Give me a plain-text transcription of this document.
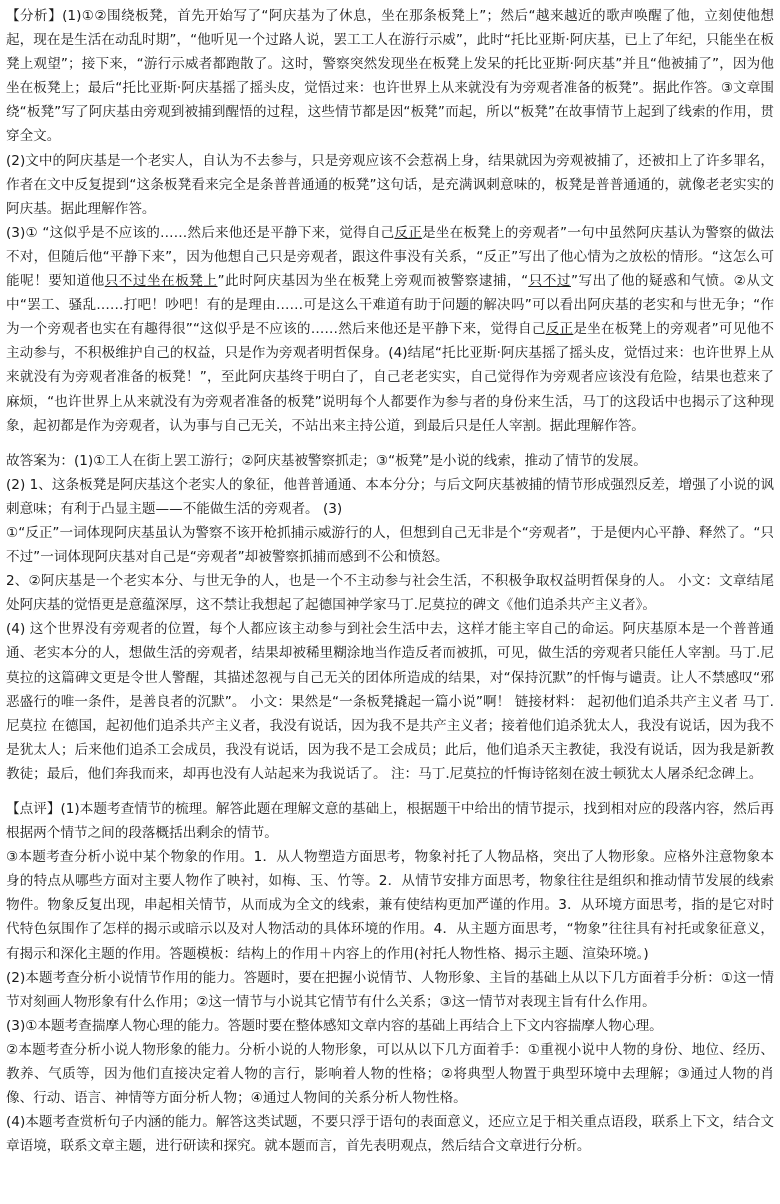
【分析】(1)①②围绕板凳，首先开始写了“阿庆基为了休息，坐在那条板凳上”；然后“越来越近的歌声唤醒了他，立刻使他想起，现在是生活在动乱时期”，“他听见一个过路人说，罢工工人在游行示威”，此时“托比亚斯·阿庆基，已上了年纪，只能坐在板凳上观望”；接下来，“游行示威者都跑散了。这时，警察突然发现坐在板凳上发呆的托比亚斯·阿庆基”并且“他被捕了”，因为他坐在板凳上；最后“托比亚斯·阿庆基摇了摇头皮，觉悟过来：也许世界上从来就没有为旁观者准备的板凳”。据此作答。③文章围绕“板凳”写了阿庆基由旁观到被捕到醒悟的过程，这些情节都是因“板凳”而起，所以“板凳”在故事情节上起到了线索的作用，贯穿全文。

(2)文中的阿庆基是一个老实人，自认为不去参与，只是旁观应该不会惹祸上身，结果就因为旁观被捕了，还被扣上了许多罪名，作者在文中反复提到“这条板凳看来完全是条普普通通的板凳”这句话，是充满讽刺意味的，板凳是普普通通的，就像老老实实的阿庆基。据此理解作答。

(3)① “这似乎是不应该的……然后来他还是平静下来，觉得自己反正是坐在板凳上的旁观者”一句中虽然阿庆基认为警察的做法不对，但随后他“平静下来”，因为他想自己只是旁观者，跟这件事没有关系，“反正”写出了他心情为之放松的情形。“这怎么可能呢！要知道他只不过坐在板凳上”此时阿庆基因为坐在板凳上旁观而被警察逮捕，“只不过”写出了他的疑惑和气愤。②从文中“罢工、骚乱……打吧！吵吧！有的是理由……可是这么干难道有助于问题的解决吗”可以看出阿庆基的老实和与世无争；“作为一个旁观者也实在有趣得很”“这似乎是不应该的……然后来他还是平静下来，觉得自己反正是坐在板凳上的旁观者”可见他不主动参与，不积极维护自己的权益，只是作为旁观者明哲保身。(4)结尾“托比亚斯·阿庆基摇了摇头皮，觉悟过来：也许世界上从来就没有为旁观者准备的板凳！”，至此阿庆基终于明白了，自己老老实实，自己觉得作为旁观者应该没有危险，结果也惹来了麻烦，“也许世界上从来就没有为旁观者准备的板凳”说明每个人都要作为参与者的身份来生活，马丁的这段话中也揭示了这种现象，起初都是作为旁观者，认为事与自己无关，不站出来主持公道，到最后只是任人宰割。据此理解作答。

故答案为：(1)①工人在街上罢工游行；②阿庆基被警察抓走；③“板凳”是小说的线索，推动了情节的发展。

(2) 1、这条板凳是阿庆基这个老实人的象征，他普普通通、本本分分；与后文阿庆基被捕的情节形成强烈反差，增强了小说的讽刺意味；有利于凸显主题——不能做生活的旁观者。 (3)

①“反正”一词体现阿庆基虽认为警察不该开枪抓捕示威游行的人，但想到自己无非是个“旁观者”，于是便内心平静、释然了。“只不过”一词体现阿庆基对自己是“旁观者”却被警察抓捕而感到不公和愤怒。

2、②阿庆基是一个老实本分、与世无争的人，也是一个不主动参与社会生活，不积极争取权益明哲保身的人。 小文：文章结尾处阿庆基的觉悟更是意蕴深厚，这不禁让我想起了起德国神学家马丁.尼莫拉的碑文《他们追杀共产主义者》。

(4) 这个世界没有旁观者的位置，每个人都应该主动参与到社会生活中去，这样才能主宰自己的命运。阿庆基原本是一个普普通通、老实本分的人，想做生活的旁观者，结果却被稀里糊涂地当作造反者而被抓，可见，做生活的旁观者只能任人宰割。马丁.尼莫拉的这篇碑文更是令世人警醒，其描述忽视与自己无关的团体所造成的结果，对“保持沉默”的忏悔与谴责。让人不禁感叹“邪恶盛行的唯一条件，是善良者的沉默”。 小文：果然是“一条板凳撬起一篇小说”啊！ 链接材料： 起初他们追杀共产主义者 马丁.尼莫拉 在德国，起初他们追杀共产主义者，我没有说话，因为我不是共产主义者；接着他们追杀犹太人，我没有说话，因为我不是犹太人；后来他们追杀工会成员，我没有说话，因为我不是工会成员；此后，他们追杀天主教徒，我没有说话，因为我是新教教徒；最后，他们奔我而来，却再也没有人站起来为我说话了。 注：马丁.尼莫拉的忏悔诗铭刻在波士顿犹太人屠杀纪念碑上。

【点评】(1)本题考查情节的梳理。解答此题在理解文意的基础上，根据题干中给出的情节提示，找到相对应的段落内容，然后再根据两个情节之间的段落概括出剩余的情节。

③本题考查分析小说中某个物象的作用。1．从人物塑造方面思考，物象衬托了人物品格，突出了人物形象。应格外注意物象本身的特点从哪些方面对主要人物作了映衬，如梅、玉、竹等。2．从情节安排方面思考，物象往往是组织和推动情节发展的线索物件。物象反复出现，串起相关情节，从而成为全文的线索，兼有使结构更加严谨的作用。3．从环境方面思考，指的是它对时代特色氛围作了怎样的揭示或暗示以及对人物活动的具体环境的作用。4．从主题方面思考，“物象”往往具有衬托或象征意义，有揭示和深化主题的作用。答题模板：结构上的作用＋内容上的作用(衬托人物性格、揭示主题、渲染环境。)

(2)本题考查分析小说情节作用的能力。答题时，要在把握小说情节、人物形象、主旨的基础上从以下几方面着手分析：①这一情节对刻画人物形象有什么作用；②这一情节与小说其它情节有什么关系；③这一情节对表现主旨有什么作用。

(3)①本题考查揣摩人物心理的能力。答题时要在整体感知文章内容的基础上再结合上下文内容揣摩人物心理。

②本题考查分析小说人物形象的能力。分析小说的人物形象，可以从以下几方面着手：①重视小说中人物的身份、地位、经历、教养、气质等，因为他们直接决定着人物的言行，影响着人物的性格；②将典型人物置于典型环境中去理解；③通过人物的肖像、行动、语言、神情等方面分析人物；④通过人物间的关系分析人物性格。

(4)本题考查赏析句子内涵的能力。解答这类试题，不要只浮于语句的表面意义，还应立足于相关重点语段，联系上下文，结合文章语境，联系文章主题，进行研读和探究。就本题而言，首先表明观点，然后结合文章进行分析。
